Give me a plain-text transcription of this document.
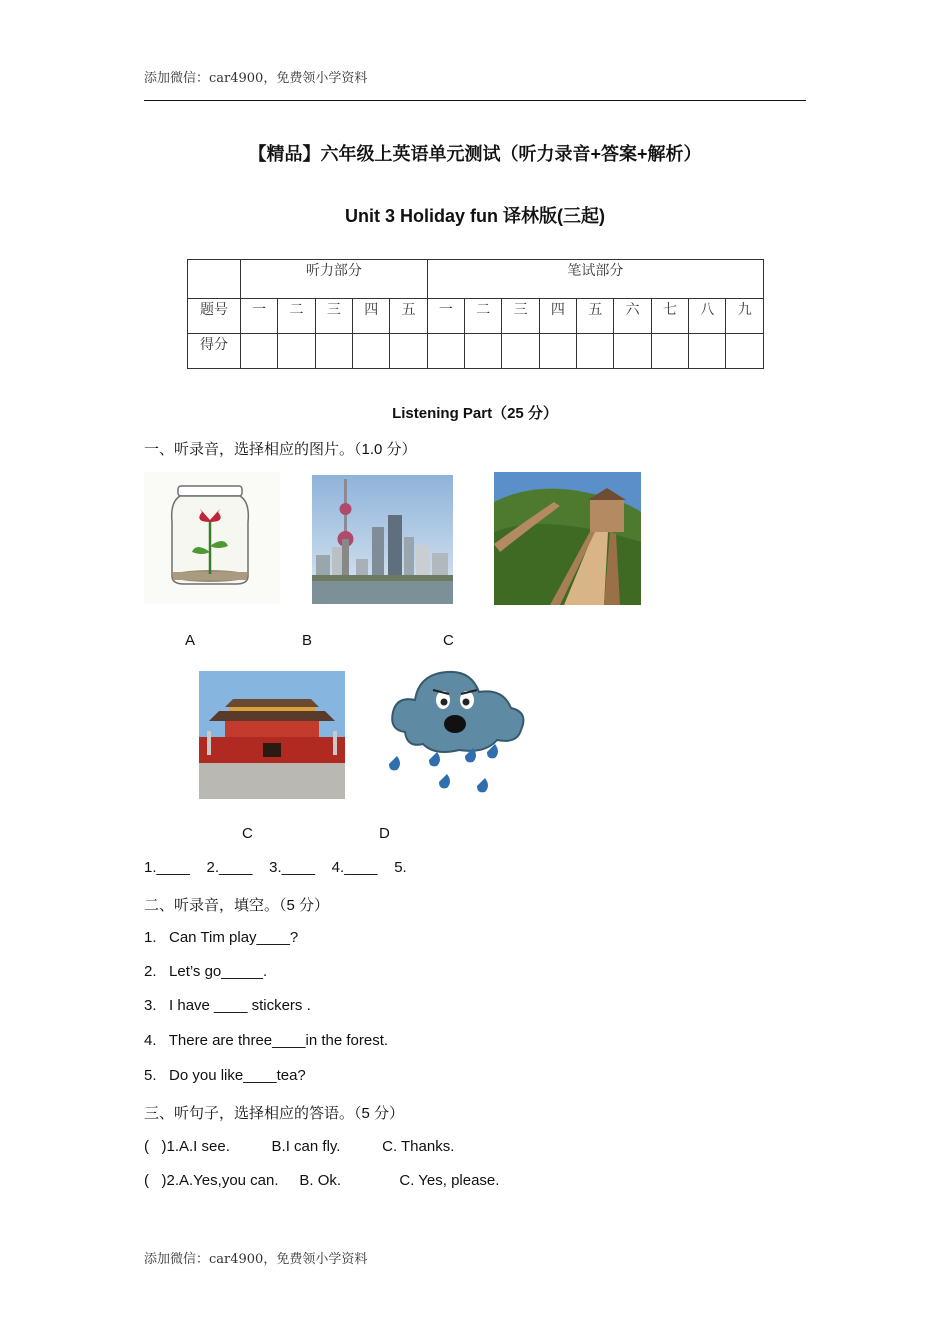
添加微信：car4900，免费领小学资料
【精品】六年级上英语单元测试（听力录音+答案+解析）
Unit 3 Holiday fun 译林版(三起)
	听力部分					笔试部分								
题号	一	二	三	四	五	一	二	三	四	五	六	七	八	九
得分														
Listening Part（25 分）
一、听录音，选择相应的图片。（1.0 分）
A	B	C
C	D
1.____    2.____    3.____    4.____    5.
二、听录音，填空。（5 分）
1.   Can Tim play____?
2.   Let’s go_____.
3.   I have ____ stickers .
4.   There are three____in the forest.
5.   Do you like____tea?
三、听句子，选择相应的答语。（5 分）
(   )1.A.I see.          B.I can fly.          C. Thanks.
(   )2.A.Yes,you can.     B. Ok.              C. Yes, please.
添加微信：car4900，免费领小学资料
